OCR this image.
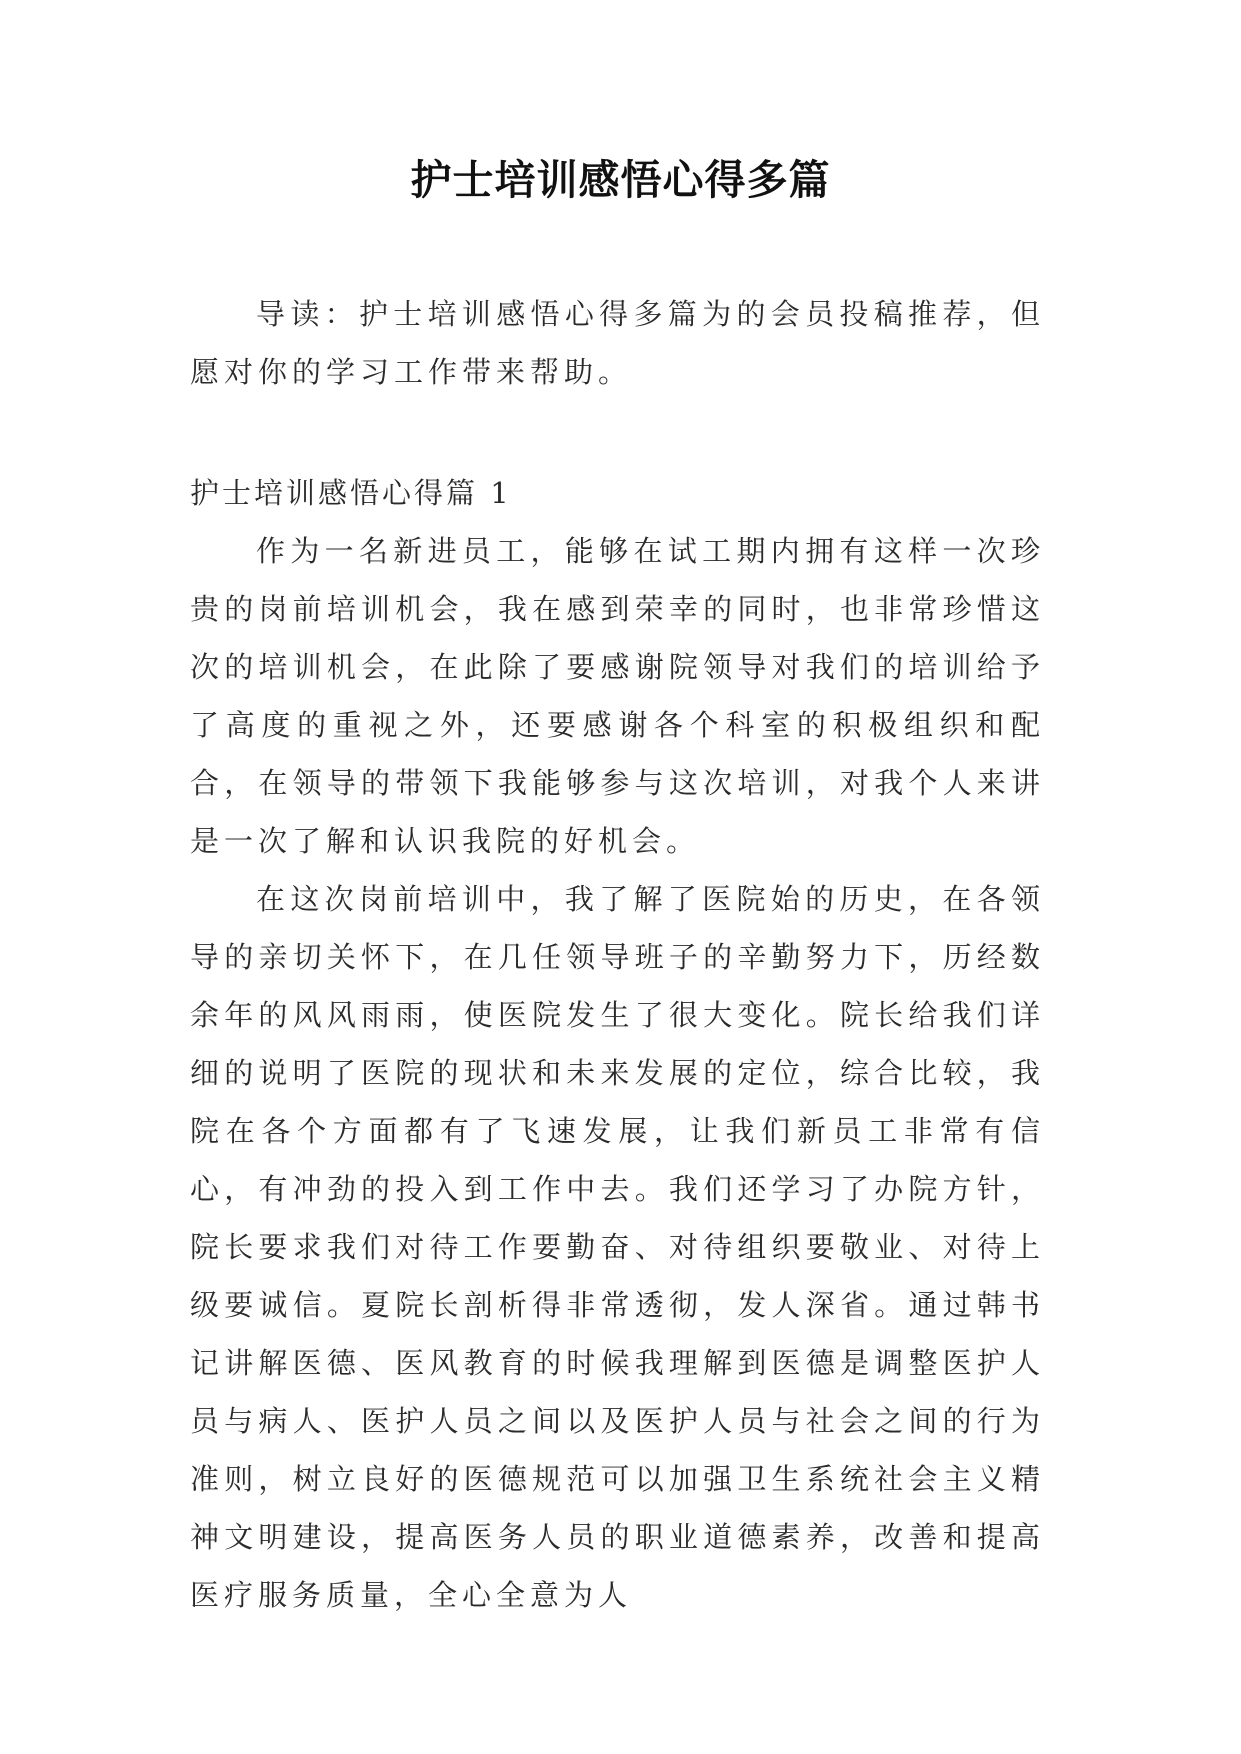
护士培训感悟心得多篇

导读：护士培训感悟心得多篇为的会员投稿推荐，但愿对你的学习工作带来帮助。

护士培训感悟心得篇 1

作为一名新进员工，能够在试工期内拥有这样一次珍贵的岗前培训机会，我在感到荣幸的同时，也非常珍惜这次的培训机会，在此除了要感谢院领导对我们的培训给予了高度的重视之外，还要感谢各个科室的积极组织和配合，在领导的带领下我能够参与这次培训，对我个人来讲是一次了解和认识我院的好机会。

在这次岗前培训中，我了解了医院始的历史，在各领导的亲切关怀下，在几任领导班子的辛勤努力下，历经数余年的风风雨雨，使医院发生了很大变化。院长给我们详细的说明了医院的现状和未来发展的定位，综合比较，我院在各个方面都有了飞速发展，让我们新员工非常有信心，有冲劲的投入到工作中去。我们还学习了办院方针，院长要求我们对待工作要勤奋、对待组织要敬业、对待上级要诚信。夏院长剖析得非常透彻，发人深省。通过韩书记讲解医德、医风教育的时候我理解到医德是调整医护人员与病人、医护人员之间以及医护人员与社会之间的行为准则，树立良好的医德规范可以加强卫生系统社会主义精神文明建设，提高医务人员的职业道德素养，改善和提高医疗服务质量，全心全意为人
